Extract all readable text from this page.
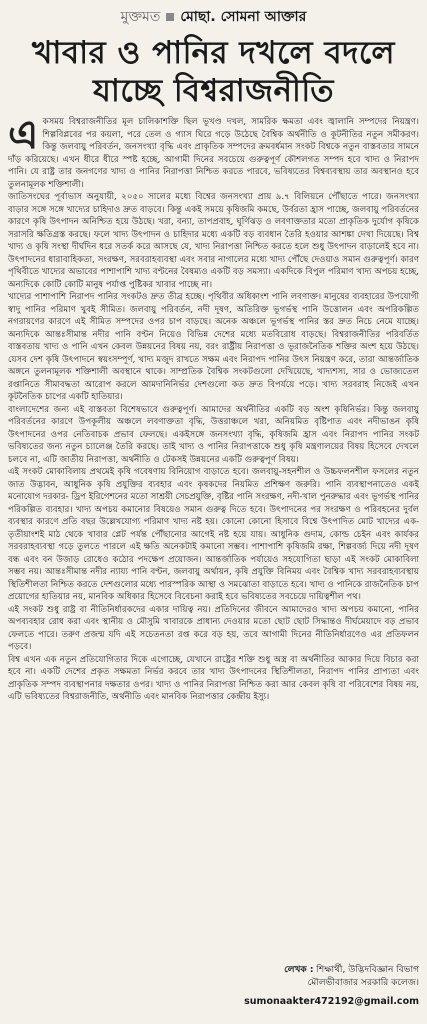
মুক্তমত মোছা. সোমনা আক্তার
খাবার ও পানির দখলে বদলে
যাচ্ছে বিশ্বরাজনীতি
এ কসময় বিশ্বরাজনীতির মূল চালিকাশক্তি ছিল ভূখণ্ড দখল, সামরিক ক্ষমতা এবং জ্বালানি সম্পদের নিয়ন্ত্রণ। শিল্পবিপ্লবের পর কয়লা, পরে তেল ও গ্যাস ঘিরে গড়ে উঠেছে বৈশ্বিক অর্থনীতি ও কূটনীতির নতুন সমীকরণ। কিন্তু জলবায়ু পরিবর্তন, জনসংখ্যা বৃদ্ধি এবং প্রাকৃতিক সম্পদের ক্রমবর্ধমান সংকট বিশ্বকে নতুন বাস্তবতার সামনে দাঁড় করিয়েছে। এখন ধীরে ধীরে স্পষ্ট হচ্ছে, আগামী দিনের সবচেয়ে গুরুত্বপূর্ণ কৌশলগত সম্পদ হবে খাদ্য ও নিরাপদ পানি। যে রাষ্ট্র তার জনগণের খাদ্য ও পানির নিরাপত্তা নিশ্চিত করতে পারবে, ভবিষ্যতের বিশ্বব্যবস্থায় তার অবস্থানও হবে তুলনামূলক শক্তিশালী।

জাতিসংঘের পূর্বাভাস অনুযায়ী, ২০৫০ সালের মধ্যে বিশ্বের জনসংখ্যা প্রায় ৯.৭ বিলিয়নে পৌঁছাতে পারে। জনসংখ্যা বাড়ার সঙ্গে সঙ্গে খাদ্যের চাহিদাও দ্রুত বাড়বে। কিন্তু একই সময়ে কৃষিজমি কমছে, উর্বরতা হ্রাস পাচ্ছে, জলবায়ু পরিবর্তনের কারণে কৃষি উৎপাদন অনিশ্চিত হয়ে উঠছে। খরা, বন্যা, তাপপ্রবাহ, ঘূর্ণিঝড় ও লবণাক্ততার মতো প্রাকৃতিক দুর্যোগ কৃষিকে সরাসরি ক্ষতিগ্রস্ত করছে। ফলে খাদ্য উৎপাদন ও চাহিদার মধ্যে একটি বড় ব্যবধান তৈরি হওয়ার আশঙ্কা দেখা দিয়েছে। বিশ্ব খাদ্য ও কৃষি সংস্থা দীর্ঘদিন ধরে সতর্ক করে আসছে যে, খাদ্য নিরাপত্তা নিশ্চিত করতে হলে শুধু উৎপাদন বাড়ালেই হবে না। উৎপাদনের ধারাবাহিকতা, সংরক্ষণ, সরবরাহব্যবস্থা এবং সবার নাগালের মধ্যে খাদ্য পৌঁছে দেওয়াও সমান গুরুত্বপূর্ণ। কারণ পৃথিবীতে খাদ্যের অভাবের পাশাপাশি খাদ্য বণ্টনের বৈষম্যও একটি বড় সমস্যা। একদিকে বিপুল পরিমাণ খাদ্য অপচয় হচ্ছে, অন্যদিকে কোটি কোটি মানুষ পর্যাপ্ত পুষ্টিকর খাবার পাচ্ছে না।

খাদ্যের পাশাপাশি নিরাপদ পানির সংকটও দ্রুত তীব্র হচ্ছে। পৃথিবীর অধিকাংশ পানি লবণাক্ত। মানুষের ব্যবহারের উপযোগী স্বাদু পানির পরিমাণ খুবই সীমিত। জলবায়ু পরিবর্তন, নদী দূষণ, অতিরিক্ত ভূগর্ভস্থ পানি উত্তোলন এবং অপরিকল্পিত নগরায়ণের কারণে এই সীমিত সম্পদের ওপর চাপ বাড়ছে। অনেক অঞ্চলে ভূগর্ভস্থ পানির স্তর দ্রুত নিচে নেমে যাচ্ছে। অন্যদিকে আন্তঃসীমান্ত নদীর পানি বণ্টন নিয়েও বিভিন্ন দেশের মধ্যে মতবিরোধ বাড়ছে। বিশ্বরাজনীতির পরিবর্তিত বাস্তবতায় খাদ্য ও পানি এখন কেবল উন্নয়নের বিষয় নয়, বরং রাষ্ট্রীয় নিরাপত্তা ও ভূরাজনৈতিক শক্তির অংশ হয়ে উঠছে। যেসব দেশ কৃষি উৎপাদনে স্বয়ংসম্পূর্ণ, খাদ্য মজুদ রাখতে সক্ষম এবং নিরাপদ পানির উৎস নিয়ন্ত্রণ করে, তারা আন্তর্জাতিক অঙ্গনে তুলনামূলক শক্তিশালী অবস্থানে থাকে। সাম্প্রতিক বৈশ্বিক সংকটগুলো দেখিয়েছে, খাদ্যশস্য, সার ও ভোজ্যতেল রপ্তানিতে সীমাবদ্ধতা আরোপ করলে আমদানিনির্ভর দেশগুলো কত দ্রুত বিপর্যয়ে পড়ে। খাদ্য সরবরাহ নিজেই এখন কূটনৈতিক চাপের একটি হাতিয়ার।

বাংলাদেশের জন্য এই বাস্তবতা বিশেষভাবে গুরুত্বপূর্ণ। আমাদের অর্থনীতির একটি বড় অংশ কৃষিনির্ভর। কিন্তু জলবায়ু পরিবর্তনের কারণে উপকূলীয় অঞ্চলে লবণাক্ততা বৃদ্ধি, উত্তরাঞ্চলে খরা, অনিয়মিত বৃষ্টিপাত এবং নদীভাঙন কৃষি উৎপাদনের ওপর নেতিবাচক প্রভাব ফেলছে। একইসঙ্গে জনসংখ্যা বৃদ্ধি, কৃষিজমি হ্রাস এবং নিরাপদ পানির সংকট ভবিষ্যতের জন্য নতুন চ্যালেঞ্জ তৈরি করছে। তাই খাদ্য ও পানির নিরাপত্তাকে শুধু কৃষি মন্ত্রণালয়ের বিষয় হিসেবে দেখলে চলবে না, এটি জাতীয় নিরাপত্তা, অর্থনীতি ও টেকসই উন্নয়নের একটি গুরুত্বপূর্ণ বিষয়।

এই সংকট মোকাবিলায় প্রথমেই কৃষি গবেষণায় বিনিয়োগ বাড়াতে হবে। জলবায়ু-সহনশীল ও উচ্চফলনশীল ফসলের নতুন জাত উদ্ভাবন, আধুনিক কৃষি প্রযুক্তির ব্যবহার এবং কৃষকদের নিয়মিত প্রশিক্ষণ জরুরি। পানি ব্যবস্থাপনাতেও একই মনোযোগ দরকার- ড্রিপ ইরিগেশনের মতো সাশ্রয়ী সেচপ্রযুক্তি, বৃষ্টির পানি সংরক্ষণ, নদী-খাল পুনরুদ্ধার এবং ভূগর্ভস্থ পানির পরিকল্পিত ব্যবহার। খাদ্য অপচয় কমানোর বিষয়েও সমান গুরুত্ব দিতে হবে। উৎপাদনের পর সংরক্ষণ ও পরিবহনের দুর্বল ব্যবস্থার কারণে প্রতি বছর উল্লেখযোগ্য পরিমাণ খাদ্য নষ্ট হয়। কোনো কোনো হিসাবে বিশ্বে উৎপাদিত মোট খাদ্যের এক-তৃতীয়াংশই মাঠ থেকে খাবার প্লেট পর্যন্ত পৌঁছানোর আগেই নষ্ট হয়ে যায়। আধুনিক গুদাম, কোল্ড চেইন এবং কার্যকর সরবরাহব্যবস্থা গড়ে তুলতে পারলে এই ক্ষতি অনেকটাই কমানো সম্ভব। পাশাপাশি কৃষিজমি রক্ষা, শিল্পবর্জ্য দিয়ে নদী দূষণ বন্ধ এবং বন উজাড় রোধেও কঠোর পদক্ষেপ প্রয়োজন। আন্তর্জাতিক পর্যায়েও সহযোগিতা ছাড়া এই সংকট মোকাবিলা সম্ভব নয়। আন্তঃসীমান্ত নদীর ন্যায্য পানি বণ্টন, জলবায়ু অর্থায়ন, কৃষি প্রযুক্তি বিনিময় এবং বৈশ্বিক খাদ্য সরবরাহব্যবস্থায় স্থিতিশীলতা নিশ্চিত করতে দেশগুলোর মধ্যে পারস্পরিক আস্থা ও সমঝোতা বাড়াতে হবে। খাদ্য ও পানিকে রাজনৈতিক চাপ প্রয়োগের হাতিয়ার নয়, মানবিক অধিকার হিসেবে বিবেচনা করাই হবে ভবিষ্যতের সবচেয়ে দায়িত্বশীল পথ।

এই সংকট শুধু রাষ্ট্র বা নীতিনির্ধারকদের একার দায়িত্ব নয়। প্রতিদিনের জীবনে আমাদেরও খাদ্য অপচয় কমানো, পানির অপব্যবহার রোধ করা এবং স্থানীয় ও মৌসুমি খাবারকে প্রাধান্য দেওয়ার মতো ছোট ছোট সিদ্ধান্তও দীর্ঘমেয়াদে বড় প্রভাব ফেলতে পারে। তরুণ প্রজন্ম যদি এই সচেতনতা রপ্ত করে বড় হয়, তবে আগামী দিনের নীতিনির্ধারণেও এর প্রতিফলন পড়বে।

বিশ্ব এখন এক নতুন প্রতিযোগিতার দিকে এগোচ্ছে, যেখানে রাষ্ট্রের শক্তি শুধু অস্ত্র বা অর্থনীতির আকার দিয়ে বিচার করা হবে না। একটি দেশের প্রকৃত সক্ষমতা নির্ভর করবে তার খাদ্য উৎপাদনের স্থিতিশীলতা, নিরাপদ পানির প্রাপ্যতা এবং প্রাকৃতিক সম্পদ ব্যবস্থাপনার দক্ষতার ওপর। খাদ্য ও পানির নিরাপত্তা নিশ্চিত করা আর কেবল কৃষি বা পরিবেশের বিষয় নয়, এটি ভবিষ্যতের বিশ্বরাজনীতি, অর্থনীতি এবং মানবিক নিরাপত্তার কেন্দ্রীয় ইস্যু।

লেখক : শিক্ষার্থী, উদ্ভিদবিজ্ঞান বিভাগ
মৌলভীবাজার সরকারি কলেজ।
sumonaakter472192@gmail.com
